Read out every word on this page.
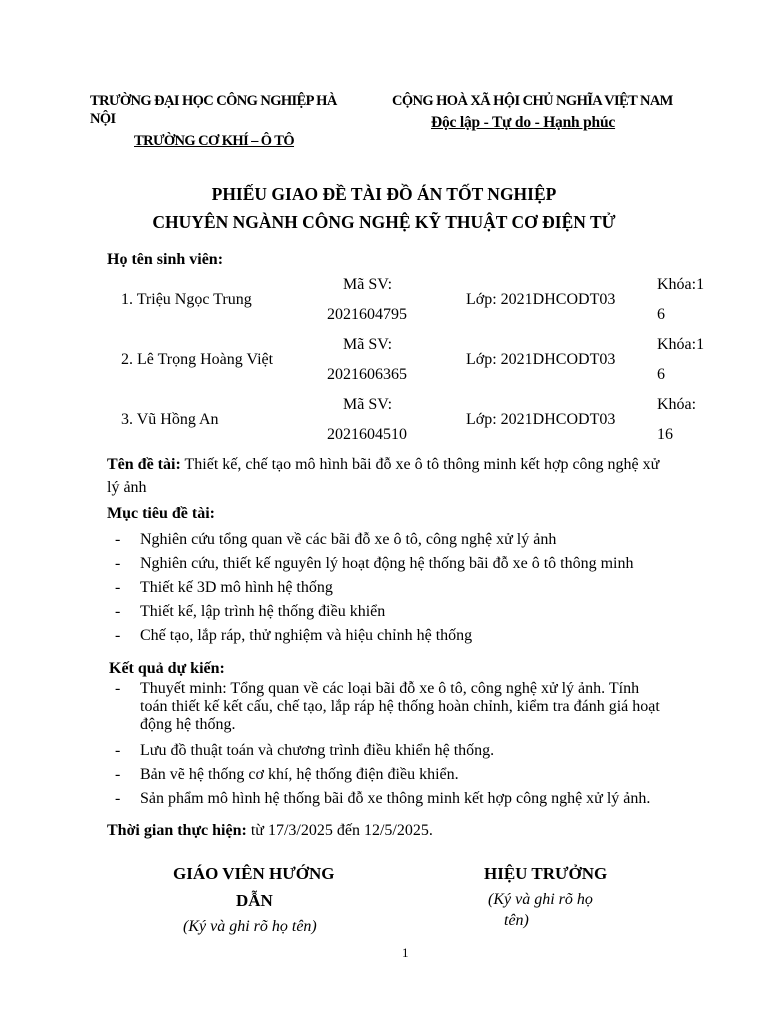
TRƯỜNG ĐẠI HỌC CÔNG NGHIỆP HÀ
NỘI
TRƯỜNG CƠ KHÍ – Ô TÔ
CỘNG HOÀ XÃ HỘI CHỦ NGHĨA VIỆT NAM
Độc lập - Tự do - Hạnh phúc
PHIẾU GIAO ĐỀ TÀI ĐỒ ÁN TỐT NGHIỆP
CHUYÊN NGÀNH CÔNG NGHỆ KỸ THUẬT CƠ ĐIỆN TỬ
Họ tên sinh viên:
1. Triệu Ngọc Trung
Mã SV:
2021604795
Lớp: 2021DHCODT03
Khóa:1
6
2. Lê Trọng Hoàng Việt
Mã SV:
2021606365
Lớp: 2021DHCODT03
Khóa:1
6
3. Vũ Hồng An
Mã SV:
2021604510
Lớp: 2021DHCODT03
Khóa:
16
Tên đề tài: Thiết kế, chế tạo mô hình bãi đỗ xe ô tô thông minh kết hợp công nghệ xử
lý ảnh
Mục tiêu đề tài:
- Nghiên cứu tổng quan về các bãi đỗ xe ô tô, công nghệ xử lý ảnh
- Nghiên cứu, thiết kế nguyên lý hoạt động hệ thống bãi đỗ xe ô tô thông minh
- Thiết kế 3D mô hình hệ thống
- Thiết kế, lập trình hệ thống điều khiển
- Chế tạo, lắp ráp, thử nghiệm và hiệu chỉnh hệ thống
Kết quả dự kiến:
- Thuyết minh: Tổng quan về các loại bãi đỗ xe ô tô, công nghệ xử lý ảnh. Tính
toán thiết kế kết cấu, chế tạo, lắp ráp hệ thống hoàn chỉnh, kiểm tra đánh giá hoạt
động hệ thống.
- Lưu đồ thuật toán và chương trình điều khiển hệ thống.
- Bản vẽ hệ thống cơ khí, hệ thống điện điều khiển.
- Sản phẩm mô hình hệ thống bãi đỗ xe thông minh kết hợp công nghệ xử lý ảnh.
Thời gian thực hiện: từ 17/3/2025 đến 12/5/2025.
GIÁO VIÊN HƯỚNG
DẪN
(Ký và ghi rõ họ tên)
HIỆU TRƯỞNG
(Ký và ghi rõ họ
tên)
1
